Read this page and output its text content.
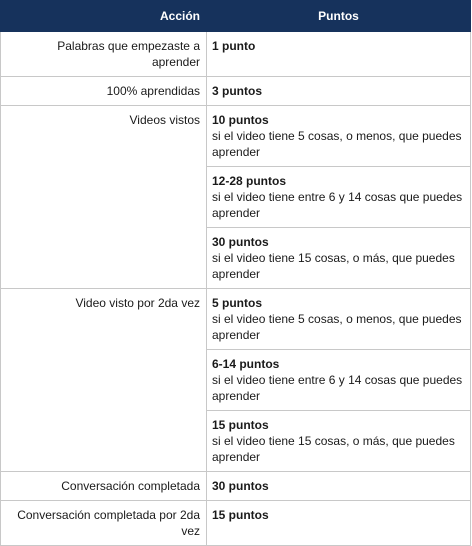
Acción	Puntos
Palabras que empezaste a aprender	1 punto

100% aprendidas	3 puntos

Videos vistos	10 puntos
si el video tiene 5 cosas, o menos, que puedes aprender

	12-28 puntos
si el video tiene entre 6 y 14 cosas que puedes aprender

	30 puntos
si el video tiene 15 cosas, o más, que puedes aprender

Video visto por 2da vez	5 puntos
si el video tiene 5 cosas, o menos, que puedes aprender

	6-14 puntos
si el video tiene entre 6 y 14 cosas que puedes aprender

	15 puntos
si el video tiene 15 cosas, o más, que puedes aprender

Conversación completada	30 puntos

Conversación completada por 2da vez	15 puntos
